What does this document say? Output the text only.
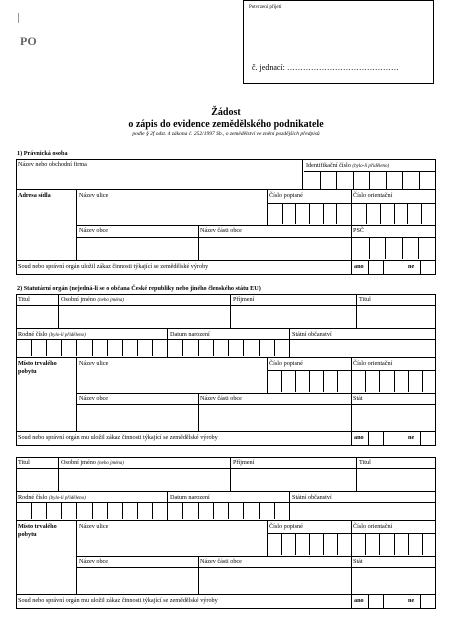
PO
Potvrzení přijetí
č. jednací: ……………………………………
Žádost
o zápis do evidence zemědělského podnikatele
podle § 2f odst. 4 zákona č. 252/1997 Sb., o zemědělství ve znění pozdějších předpisů
1) Právnická osoba
Název nebo obchodní firma	Identifikační číslo (bylo-li přiděleno)
Adresa sídla	Název ulice	Číslo popisné	Číslo orientační
Název obce	Název části obce	PSČ
Soud nebo správní orgán uložil zákaz činnosti týkající se zemědělské výroby	ano	ne
2) Statutární orgán (nejedná-li se o občana České republiky nebo jiného členského státu EU)
Titul	Osobní jméno (nebo jména)	Příjmení	Titul
Rodné číslo (bylo-li přiděleno)	Datum narození	Státní občanství
Místo trvalého
pobytu
Název ulice	Číslo popisné	Číslo orientační
Název obce	Název části obce	Stát
Soud nebo správní orgán mu uložil zákaz činnosti týkající se zemědělské výroby	ano	ne
Titul	Osobní jméno (nebo jména)	Příjmení	Titul
Rodné číslo (bylo-li přiděleno)	Datum narození	Státní občanství
Místo trvalého
pobytu
Název ulice	Číslo popisné	Číslo orientační
Název obce	Název části obce	Stát
Soud nebo správní orgán mu uložil zákaz činnosti týkající se zemědělské výroby	ano	ne
